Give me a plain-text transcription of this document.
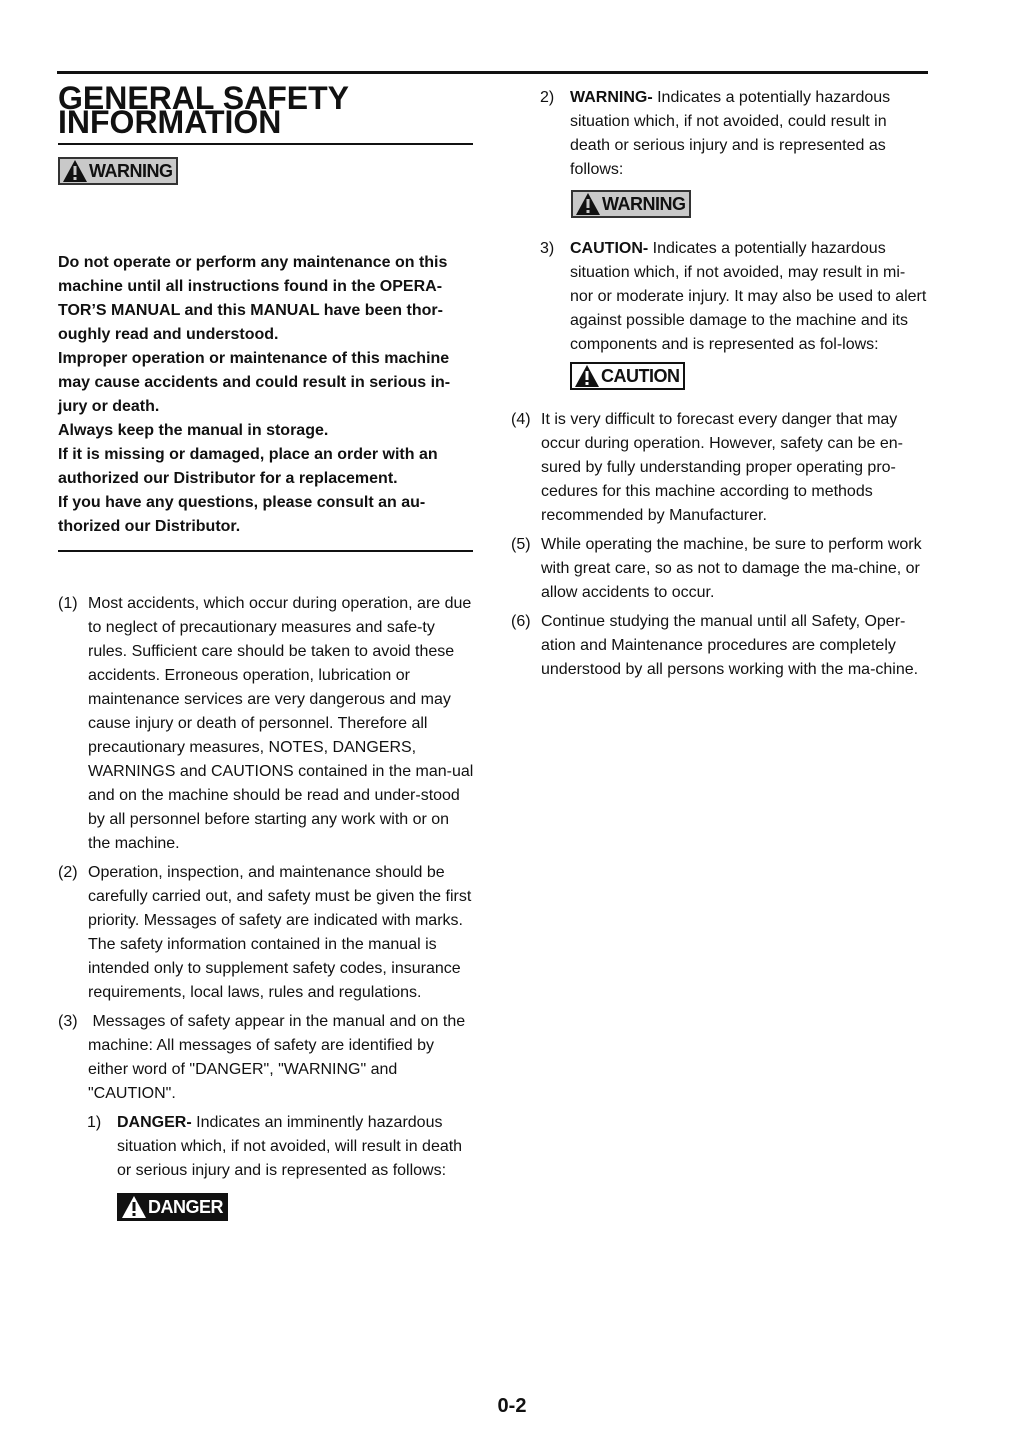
GENERAL SAFETY INFORMATION
WARNING

Do not operate or perform any maintenance on this machine until all instructions found in the OPERA-TOR’S MANUAL and this MANUAL have been thor-oughly read and understood.

Improper operation or maintenance of this machine may cause accidents and could result in serious in-jury or death.

Always keep the manual in storage.

If it is missing or damaged, place an order with an authorized our Distributor for a replacement.

If you have any questions, please consult an au-thorized our Distributor.

(1) Most accidents, which occur during operation, are due to neglect of precautionary measures and safe-ty rules. Sufficient care should be taken to avoid these accidents. Erroneous operation, lubrication or maintenance services are very dangerous and may cause injury or death of personnel. Therefore all precautionary measures, NOTES, DANGERS, WARNINGS and CAUTIONS contained in the man-ual and on the machine should be read and under-stood by all personnel before starting any work with or on the machine.
(2) Operation, inspection, and maintenance should be carefully carried out, and safety must be given the first priority. Messages of safety are indicated with marks. The safety information contained in the manual is intended only to supplement safety codes, insurance requirements, local laws, rules and regulations.
(3) Messages of safety appear in the manual and on the machine: All messages of safety are identified by either word of "DANGER", "WARNING" and "CAUTION".
1) DANGER- Indicates an imminently hazardous situation which, if not avoided, will result in death or serious injury and is represented as follows:
DANGER
2) WARNING- Indicates a potentially hazardous situation which, if not avoided, could result in death or serious injury and is represented as follows:
WARNING
3) CAUTION- Indicates a potentially hazardous situation which, if not avoided, may result in mi-nor or moderate injury. It may also be used to alert against possible damage to the machine and its components and is represented as fol-lows:
CAUTION
(4) It is very difficult to forecast every danger that may occur during operation. However, safety can be en-sured by fully understanding proper operating pro-cedures for this machine according to methods recommended by Manufacturer.
(5) While operating the machine, be sure to perform work with great care, so as not to damage the ma-chine, or allow accidents to occur.
(6) Continue studying the manual until all Safety, Oper-ation and Maintenance procedures are completely understood by all persons working with the ma-chine.
0-2
